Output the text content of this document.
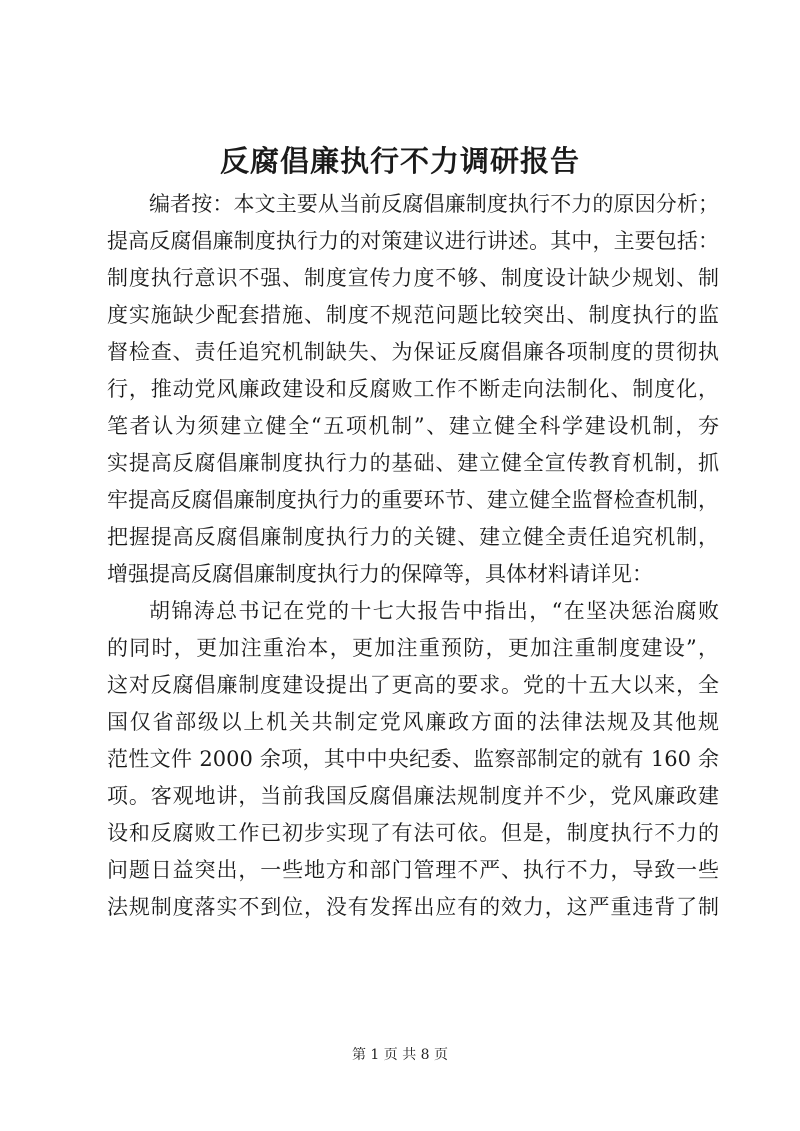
反腐倡廉执行不力调研报告
编者按：本文主要从当前反腐倡廉制度执行不力的原因分析；
提高反腐倡廉制度执行力的对策建议进行讲述。其中，主要包括：
制度执行意识不强、制度宣传力度不够、制度设计缺少规划、制
度实施缺少配套措施、制度不规范问题比较突出、制度执行的监
督检查、责任追究机制缺失、为保证反腐倡廉各项制度的贯彻执
行，推动党风廉政建设和反腐败工作不断走向法制化、制度化，
笔者认为须建立健全“五项机制”、建立健全科学建设机制，夯
实提高反腐倡廉制度执行力的基础、建立健全宣传教育机制，抓
牢提高反腐倡廉制度执行力的重要环节、建立健全监督检查机制，
把握提高反腐倡廉制度执行力的关键、建立健全责任追究机制，
增强提高反腐倡廉制度执行力的保障等，具体材料请详见：
胡锦涛总书记在党的十七大报告中指出，“在坚决惩治腐败
的同时，更加注重治本，更加注重预防，更加注重制度建设”，
这对反腐倡廉制度建设提出了更高的要求。党的十五大以来，全
国仅省部级以上机关共制定党风廉政方面的法律法规及其他规
范性文件 2000 余项，其中中央纪委、监察部制定的就有 160 余
项。客观地讲，当前我国反腐倡廉法规制度并不少，党风廉政建
设和反腐败工作已初步实现了有法可依。但是，制度执行不力的
问题日益突出，一些地方和部门管理不严、执行不力，导致一些
法规制度落实不到位，没有发挥出应有的效力，这严重违背了制
第 1 页 共 8 页
